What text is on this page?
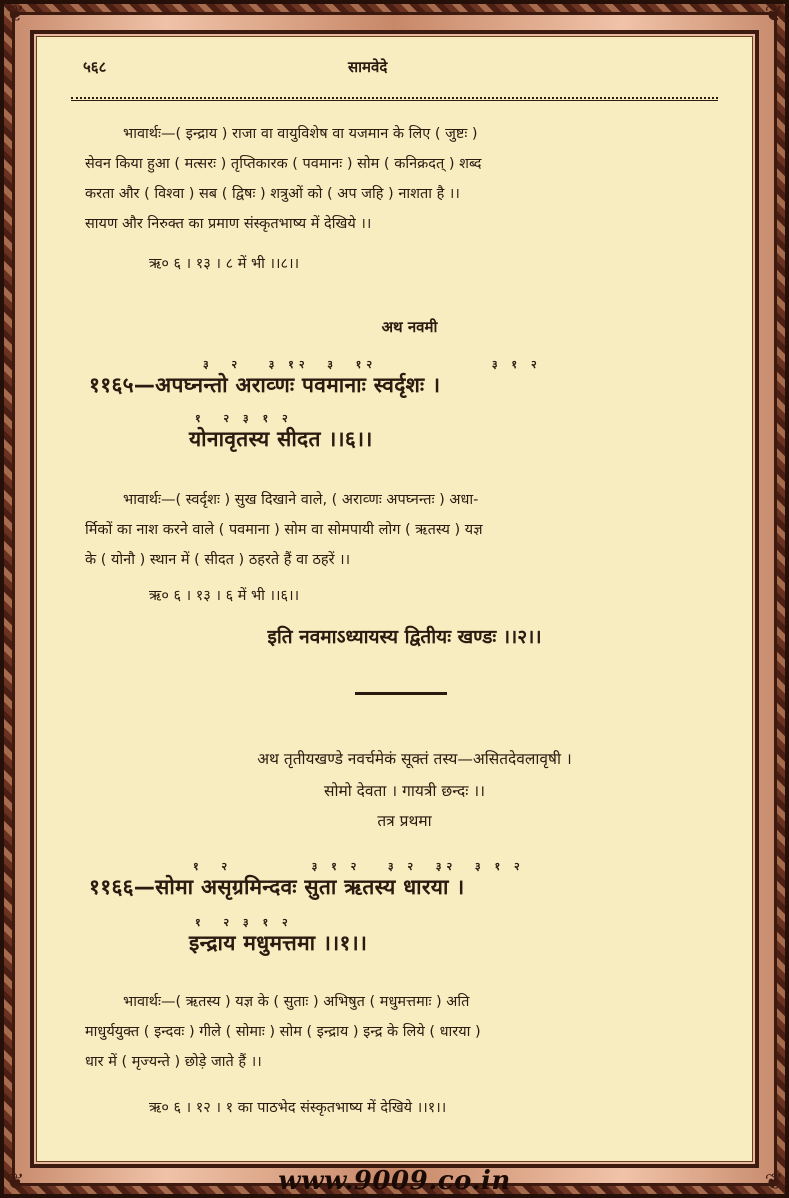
❦	❦
❦	❦
५६८	सामवेदे
भावार्थः—( इन्द्राय ) राजा वा वायुविशेष वा यजमान के लिए ( जुष्टः )
सेवन किया हुआ ( मत्सरः ) तृप्तिकारक ( पवमानः ) सोम ( कनिक्रदत् ) शब्द
करता और ( विश्वा ) सब ( द्विषः ) शत्रुओं को ( अप जहि ) नाशता है ।।
सायण और निरुक्त का प्रमाण संस्कृतभाष्य में देखिये ।।
ऋ० ६ । १३ । ८ में भी ।।८।।
अथ नवमी
३  २   ३ १२  ३  १२             ३ १ २
११६५—अपघ्नन्तो अराव्णः पवमानाः स्वर्दृशः ।
१  २ ३ १ २
योनावृतस्य सीदत ।।६।।
भावार्थः—( स्वर्दृशः ) सुख दिखाने वाले, ( अराव्णः अपघ्नन्तः ) अधा-
र्मिकों का नाश करने वाले ( पवमाना ) सोम वा सोमपायी लोग ( ऋतस्य ) यज्ञ
के ( योनौ ) स्थान में ( सीदत ) ठहरते हैं वा ठहरें ।।
ऋ० ६ । १३ । ६ में भी ।।६।।
इति नवमाऽध्यायस्य द्वितीयः खण्डः ।।२।।
अथ तृतीयखण्डे नवर्चमेकं सूक्तं तस्य—असितदेवलावृषी ।
सोमो देवता । गायत्री छन्दः ।।
तत्र प्रथमा
१  २         ३ १ २   ३ २  ३२  ३ १ २
११६६—सोमा असृग्रमिन्दवः सुता ऋतस्य धारया ।
१  २ ३ १ २
इन्द्राय मधुमत्तमा ।।१।।
भावार्थः—( ऋतस्य ) यज्ञ के ( सुताः ) अभिषुत ( मधुमत्तमाः ) अति
माधुर्ययुक्त ( इन्दवः ) गीले ( सोमाः ) सोम ( इन्द्राय ) इन्द्र के लिये ( धारया )
धार में ( मृज्यन्ते ) छोड़े जाते हैं ।।
ऋ० ६ । १२ । १ का पाठभेद संस्कृतभाष्य में देखिये ।।१।।
www.9009.co.in
